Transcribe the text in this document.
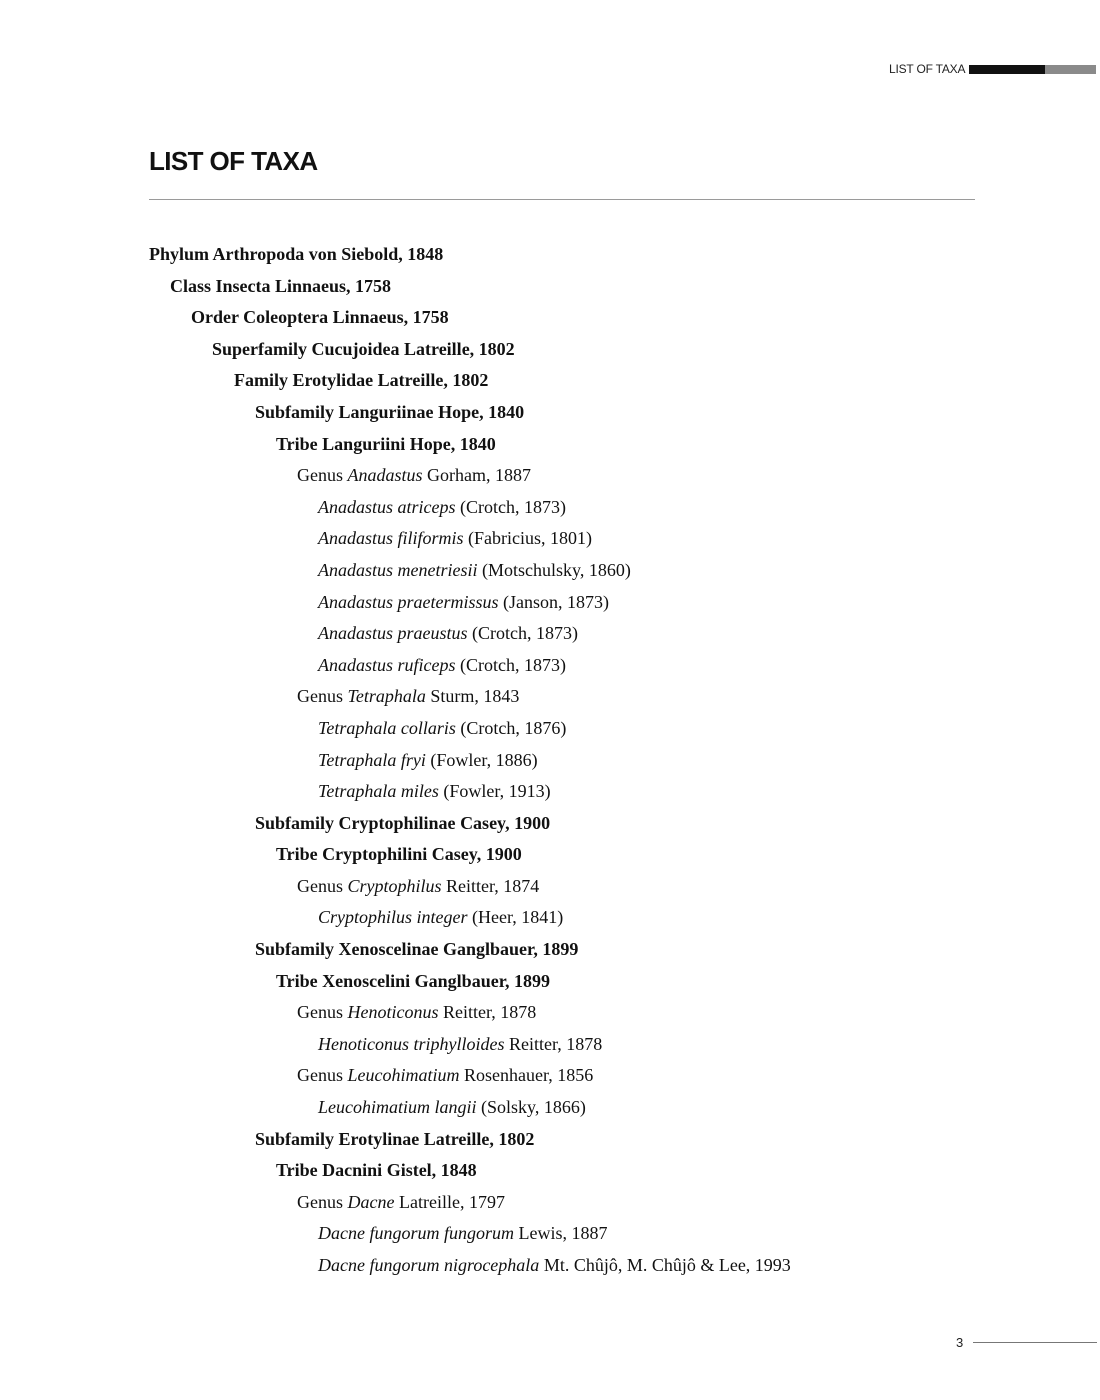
LIST OF TAXA
LIST OF TAXA
Phylum Arthropoda von Siebold, 1848
Class Insecta Linnaeus, 1758
Order Coleoptera Linnaeus, 1758
Superfamily Cucujoidea Latreille, 1802
Family Erotylidae Latreille, 1802
Subfamily Languriinae Hope, 1840
Tribe Languriini Hope, 1840
Genus Anadastus Gorham, 1887
Anadastus atriceps (Crotch, 1873)
Anadastus filiformis (Fabricius, 1801)
Anadastus menetriesii (Motschulsky, 1860)
Anadastus praetermissus (Janson, 1873)
Anadastus praeustus (Crotch, 1873)
Anadastus ruficeps (Crotch, 1873)
Genus Tetraphala Sturm, 1843
Tetraphala collaris (Crotch, 1876)
Tetraphala fryi (Fowler, 1886)
Tetraphala miles (Fowler, 1913)
Subfamily Cryptophilinae Casey, 1900
Tribe Cryptophilini Casey, 1900
Genus Cryptophilus Reitter, 1874
Cryptophilus integer (Heer, 1841)
Subfamily Xenoscelinae Ganglbauer, 1899
Tribe Xenoscelini Ganglbauer, 1899
Genus Henoticonus Reitter, 1878
Henoticonus triphylloides Reitter, 1878
Genus Leucohimatium Rosenhauer, 1856
Leucohimatium langii (Solsky, 1866)
Subfamily Erotylinae Latreille, 1802
Tribe Dacnini Gistel, 1848
Genus Dacne Latreille, 1797
Dacne fungorum fungorum Lewis, 1887
Dacne fungorum nigrocephala Mt. Chûjô, M. Chûjô & Lee, 1993
3
